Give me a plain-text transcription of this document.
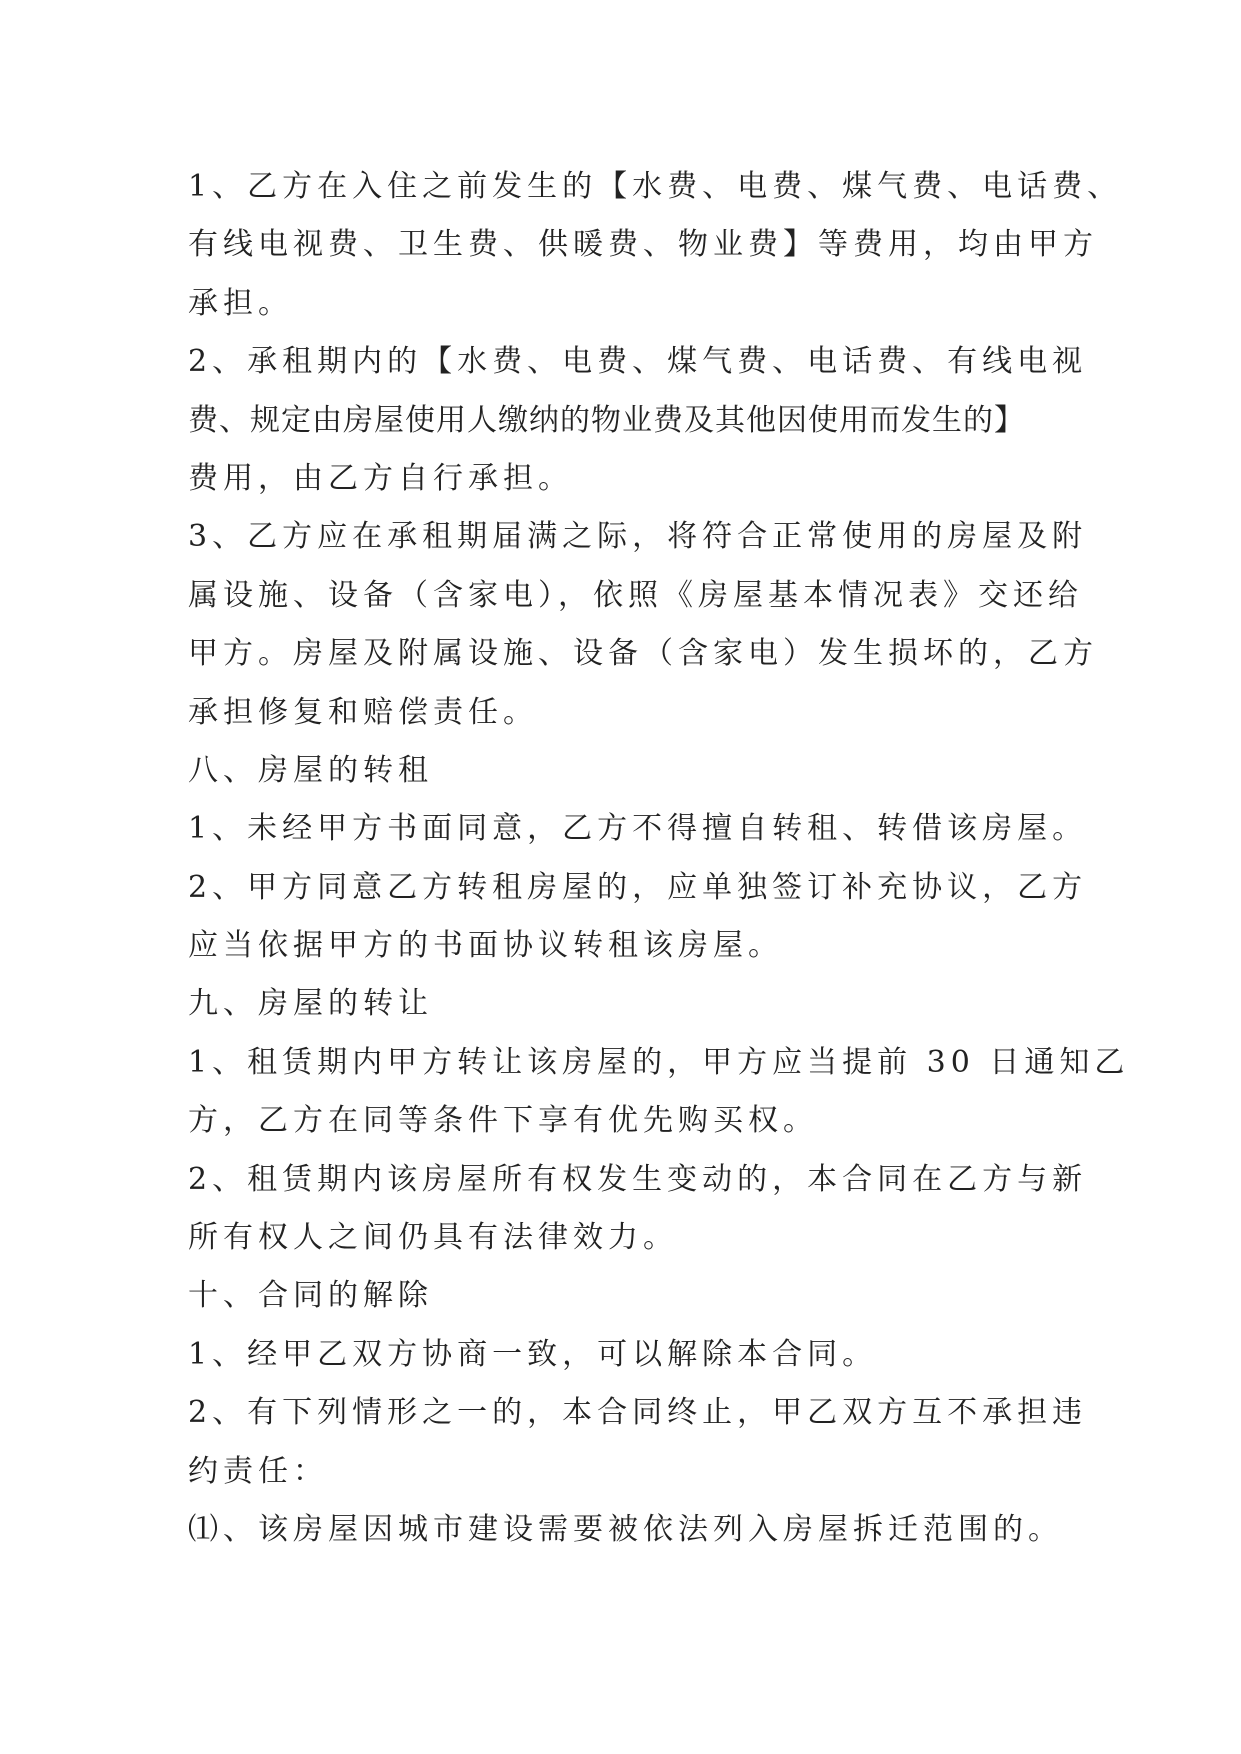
1、乙方在入住之前发生的【水费、电费、煤气费、电话费、
有线电视费、卫生费、供暖费、物业费】等费用，均由甲方
承担。
2、承租期内的【水费、电费、煤气费、电话费、有线电视
费、规定由房屋使用人缴纳的物业费及其他因使用而发生的】
费用，由乙方自行承担。
3、乙方应在承租期届满之际，将符合正常使用的房屋及附
属设施、设备（含家电），依照《房屋基本情况表》交还给
甲方。房屋及附属设施、设备（含家电）发生损坏的，乙方
承担修复和赔偿责任。
八、房屋的转租
1、未经甲方书面同意，乙方不得擅自转租、转借该房屋。
2、甲方同意乙方转租房屋的，应单独签订补充协议，乙方
应当依据甲方的书面协议转租该房屋。
九、房屋的转让
1、租赁期内甲方转让该房屋的，甲方应当提前 30 日通知乙
方，乙方在同等条件下享有优先购买权。
2、租赁期内该房屋所有权发生变动的，本合同在乙方与新
所有权人之间仍具有法律效力。
十、合同的解除
1、经甲乙双方协商一致，可以解除本合同。
2、有下列情形之一的，本合同终止，甲乙双方互不承担违
约责任：
⑴、该房屋因城市建设需要被依法列入房屋拆迁范围的。
